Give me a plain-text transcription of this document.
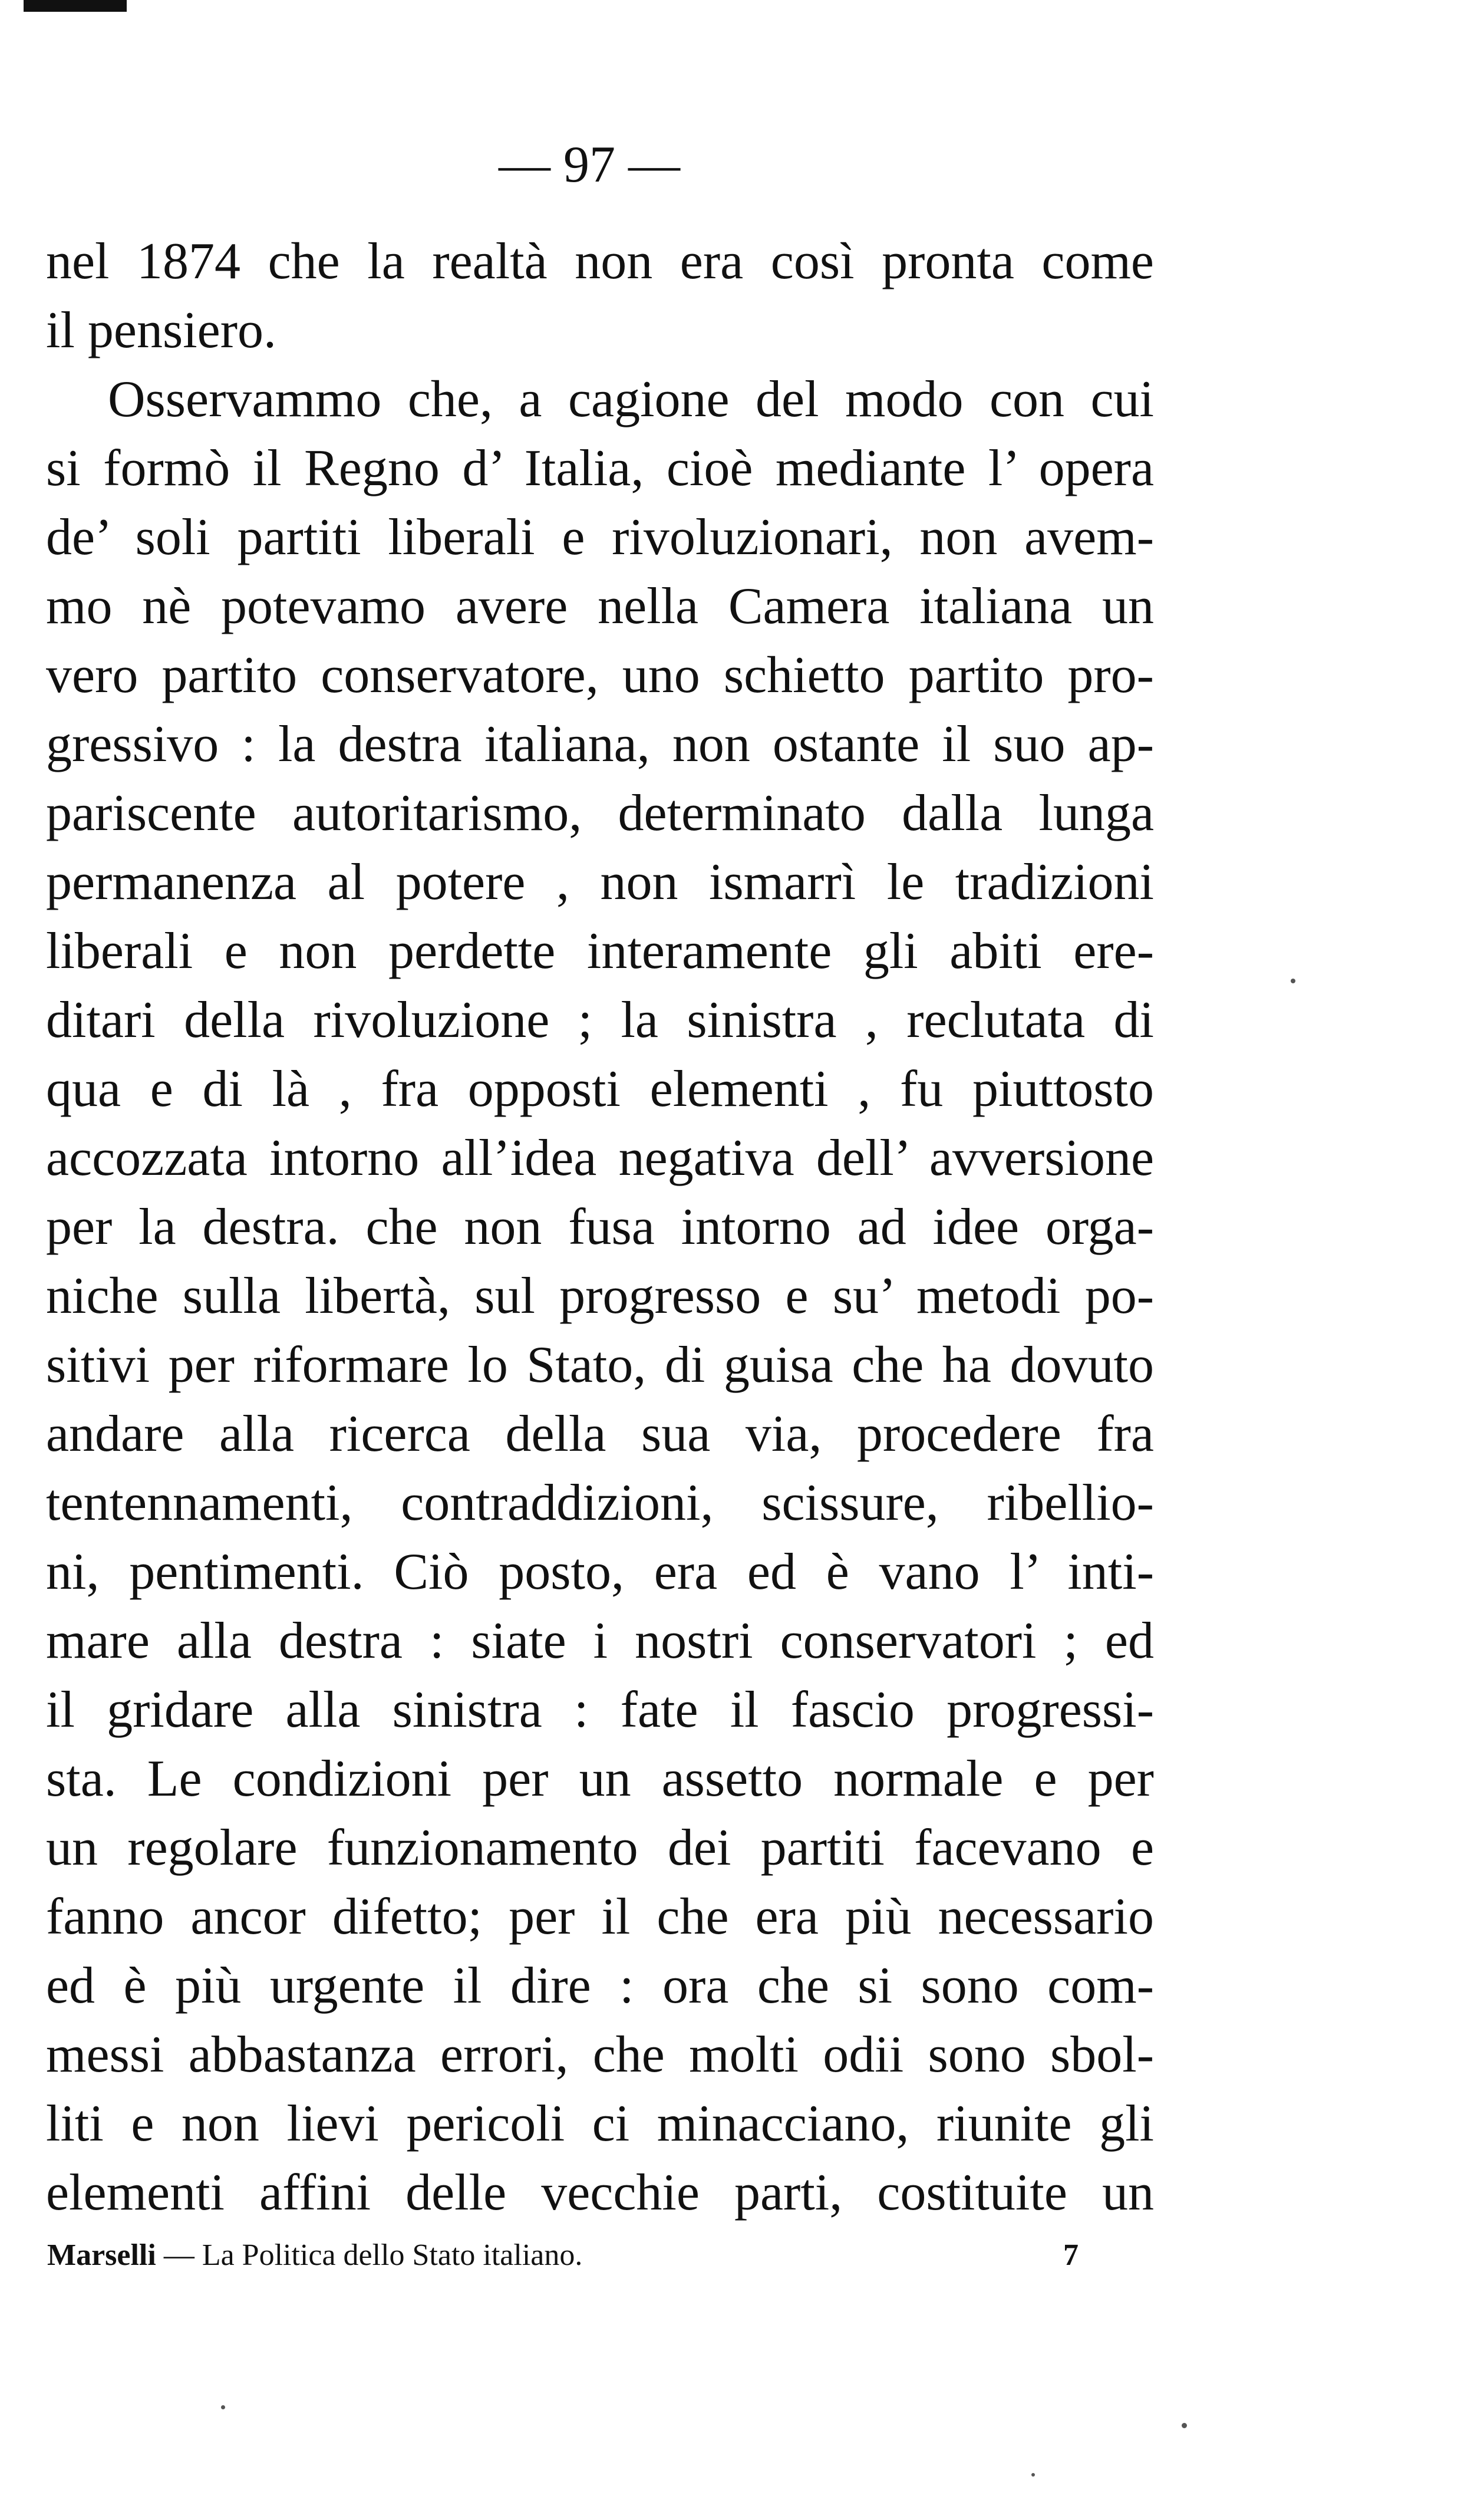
— 97 —
nel 1874 che la realtà non era così pronta come
il pensiero.
Osservammo che, a cagione del modo con cui
si formò il Regno d’ Italia, cioè mediante l’ opera
de’ soli partiti liberali e rivoluzionari, non avem-
mo nè potevamo avere nella Camera italiana un
vero partito conservatore, uno schietto partito pro-
gressivo : la destra italiana, non ostante il suo ap-
pariscente autoritarismo, determinato dalla lunga
permanenza al potere , non ismarrì le tradizioni
liberali e non perdette interamente gli abiti ere-
ditari della rivoluzione ; la sinistra , reclutata di
qua e di là , fra opposti elementi , fu piuttosto
accozzata intorno all’idea negativa dell’ avversione
per la destra. che non fusa intorno ad idee orga-
niche sulla libertà, sul progresso e su’ metodi po-
sitivi per riformare lo Stato, di guisa che ha dovuto
andare alla ricerca della sua via, procedere fra
tentennamenti, contraddizioni, scissure, ribellio-
ni, pentimenti. Ciò posto, era ed è vano l’ inti-
mare alla destra : siate i nostri conservatori ; ed
il gridare alla sinistra : fate il fascio progressi-
sta. Le condizioni per un assetto normale e per
un regolare funzionamento dei partiti facevano e
fanno ancor difetto; per il che era più necessario
ed è più urgente il dire : ora che si sono com-
messi abbastanza errori, che molti odii sono sbol-
liti e non lievi pericoli ci minacciano, riunite gli
elementi affini delle vecchie parti, costituite un
Marselli — La Politica dello Stato italiano.	7
